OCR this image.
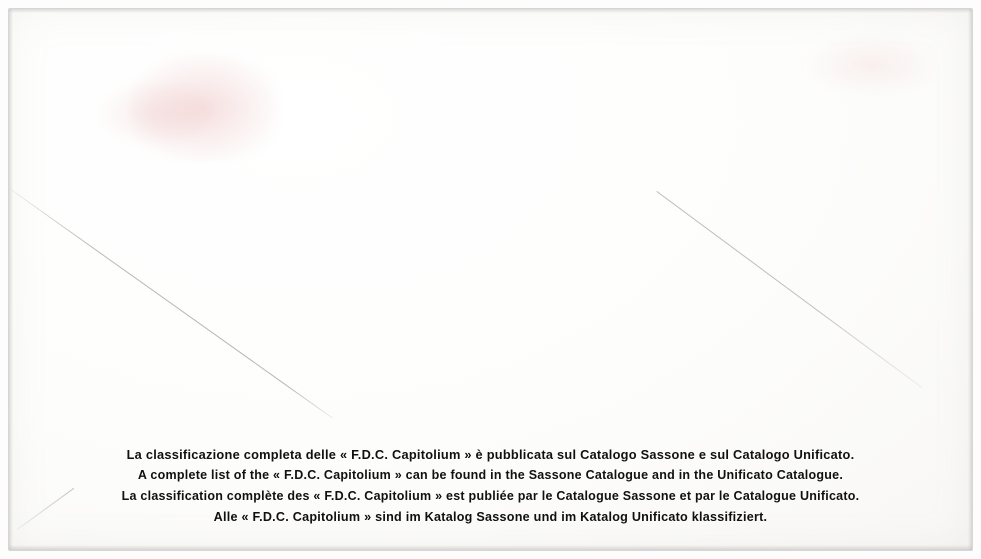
La classificazione completa delle « F.D.C. Capitolium » è pubblicata sul Catalogo Sassone e sul Catalogo Unificato.
A complete list of the « F.D.C. Capitolium » can be found in the Sassone Catalogue and in the Unificato Catalogue.
La classification complète des « F.D.C. Capitolium » est publiée par le Catalogue Sassone et par le Catalogue Unificato.
Alle « F.D.C. Capitolium » sind im Katalog Sassone und im Katalog Unificato klassifiziert.
